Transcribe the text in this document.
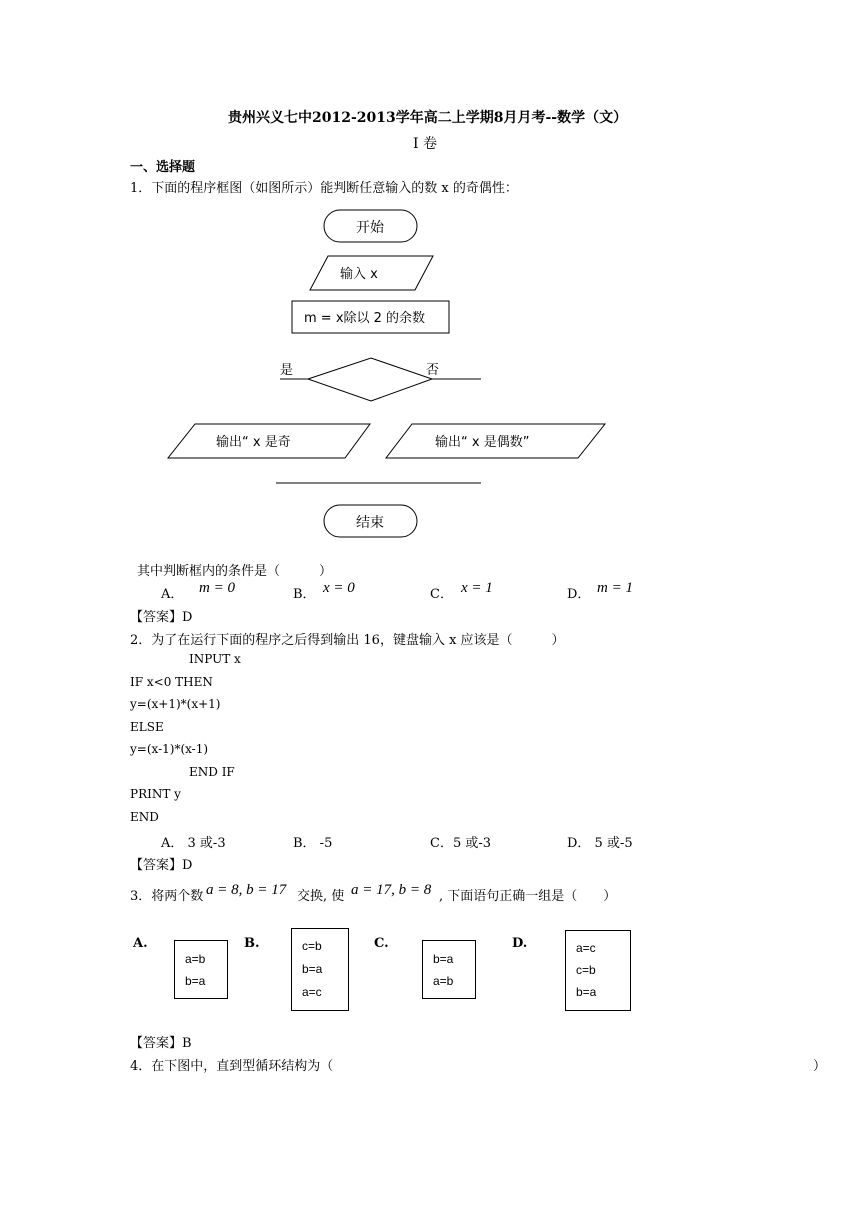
贵州兴义七中2012-2013学年高二上学期8月月考--数学（文）
I 卷
一、选择题
1．下面的程序框图（如图所示）能判断任意输入的数 x 的奇偶性：
开始
输入 x
m = x除以 2 的余数
是	否
输出“ x 是奇	输出“ x 是偶数”
结束
其中判断框内的条件是（　　　）
A． m = 0	B． x = 0	C． x = 1	D． m = 1
【答案】D
2．为了在运行下面的程序之后得到输出 16，键盘输入 x 应该是（　　　）
INPUT x
IF x<0 THEN
y=(x+1)*(x+1)
ELSE
y=(x-1)*(x-1)
END IF
PRINT y
END
A． 3 或-3	B． -5	C．5 或-3	D． 5 或-5
【答案】D
3．将两个数 a = 8, b = 17 交换, 使 a = 17, b = 8 , 下面语句正确一组是（　　）
A.
a=b
b=a
B.	c=b
b=a
a=c
C.
b=a
a=b
D.	a=c
c=b
b=a
【答案】B
4．在下图中，直到型循环结构为（	）
